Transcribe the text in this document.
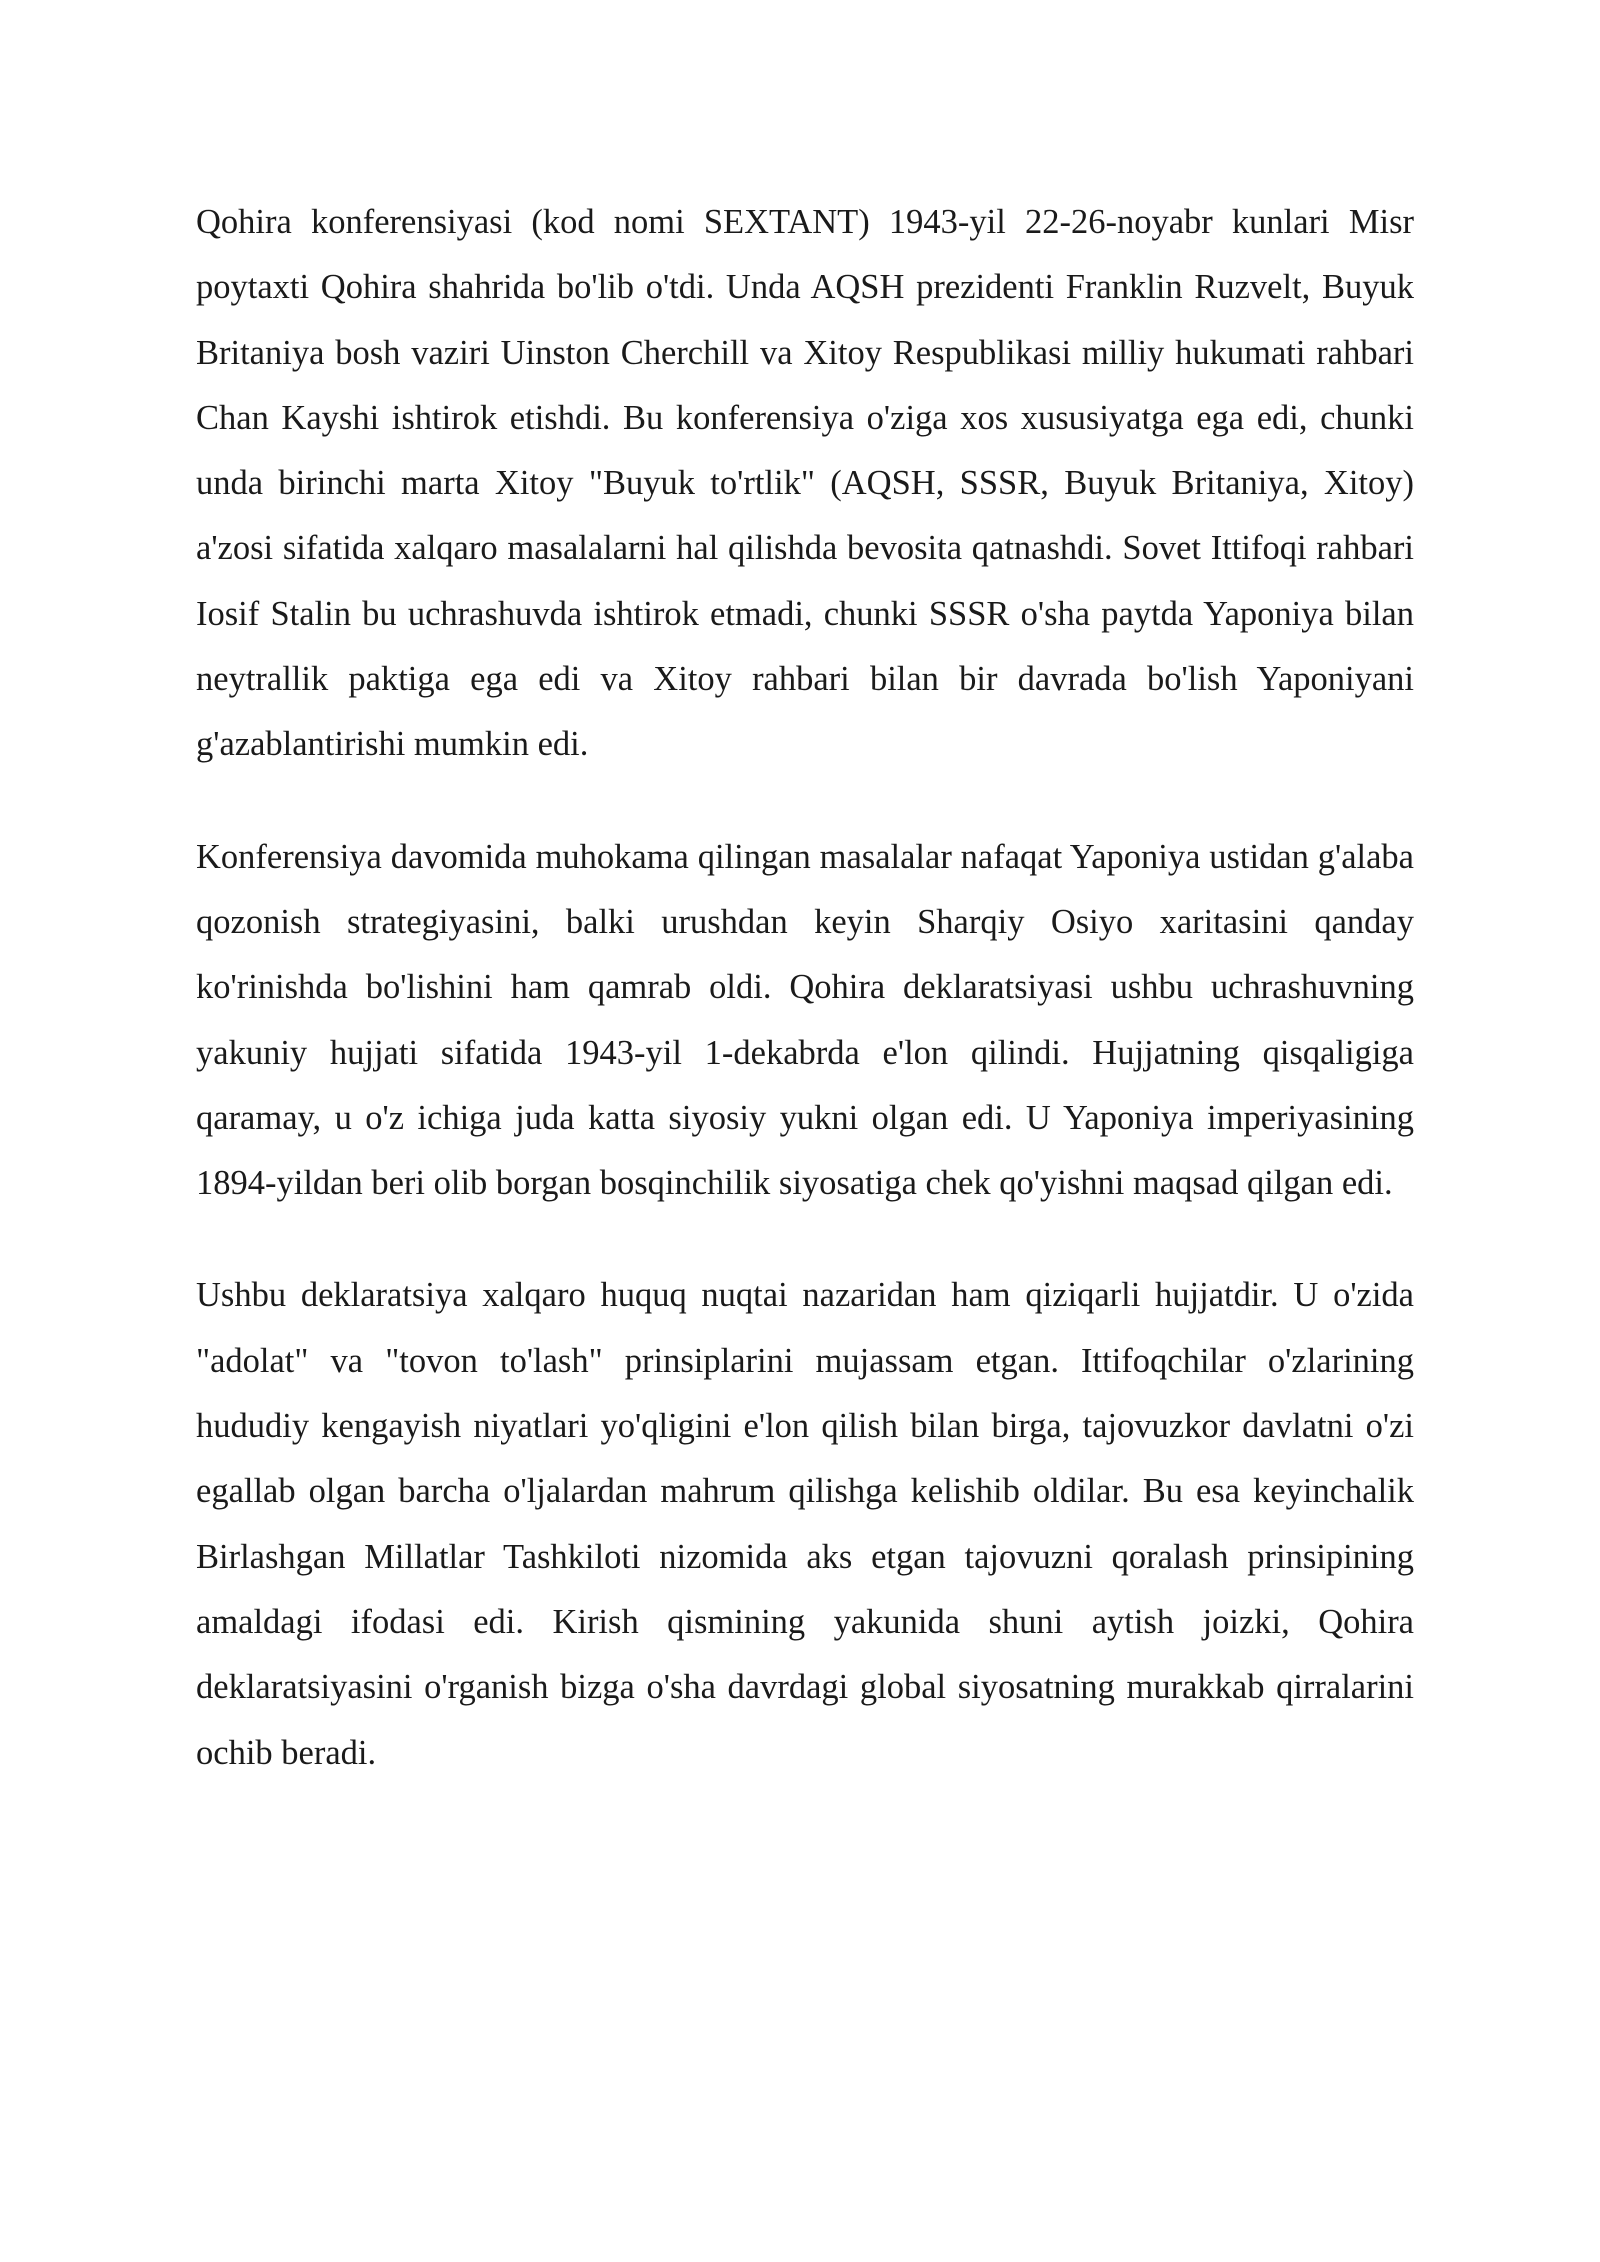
Qohira konferensiyasi (kod nomi SEXTANT) 1943-yil 22-26-noyabr kunlari Misr poytaxti Qohira shahrida bo'lib o'tdi. Unda AQSH prezidenti Franklin Ruzvelt, Buyuk Britaniya bosh vaziri Uinston Cherchill va Xitoy Respublikasi milliy hukumati rahbari Chan Kayshi ishtirok etishdi. Bu konferensiya o'ziga xos xususiyatga ega edi, chunki unda birinchi marta Xitoy "Buyuk to'rtlik" (AQSH, SSSR, Buyuk Britaniya, Xitoy) a'zosi sifatida xalqaro masalalarni hal qilishda bevosita qatnashdi. Sovet Ittifoqi rahbari Iosif Stalin bu uchrashuvda ishtirok etmadi, chunki SSSR o'sha paytda Yaponiya bilan neytrallik paktiga ega edi va Xitoy rahbari bilan bir davrada bo'lish Yaponiyani g'azablantirishi mumkin edi.

Konferensiya davomida muhokama qilingan masalalar nafaqat Yaponiya ustidan g'alaba qozonish strategiyasini, balki urushdan keyin Sharqiy Osiyo xaritasini qanday ko'rinishda bo'lishini ham qamrab oldi. Qohira deklaratsiyasi ushbu uchrashuvning yakuniy hujjati sifatida 1943-yil 1-dekabrda e'lon qilindi. Hujjatning qisqaligiga qaramay, u o'z ichiga juda katta siyosiy yukni olgan edi. U Yaponiya imperiyasining 1894-yildan beri olib borgan bosqinchilik siyosatiga chek qo'yishni maqsad qilgan edi.

Ushbu deklaratsiya xalqaro huquq nuqtai nazaridan ham qiziqarli hujjatdir. U o'zida "adolat" va "tovon to'lash" prinsiplarini mujassam etgan. Ittifoqchilar o'zlarining hududiy kengayish niyatlari yo'qligini e'lon qilish bilan birga, tajovuzkor davlatni o'zi egallab olgan barcha o'ljalardan mahrum qilishga kelishib oldilar. Bu esa keyinchalik Birlashgan Millatlar Tashkiloti nizomida aks etgan tajovuzni qoralash prinsipining amaldagi ifodasi edi. Kirish qismining yakunida shuni aytish joizki, Qohira deklaratsiyasini o'rganish bizga o'sha davrdagi global siyosatning murakkab qirralarini ochib beradi.
